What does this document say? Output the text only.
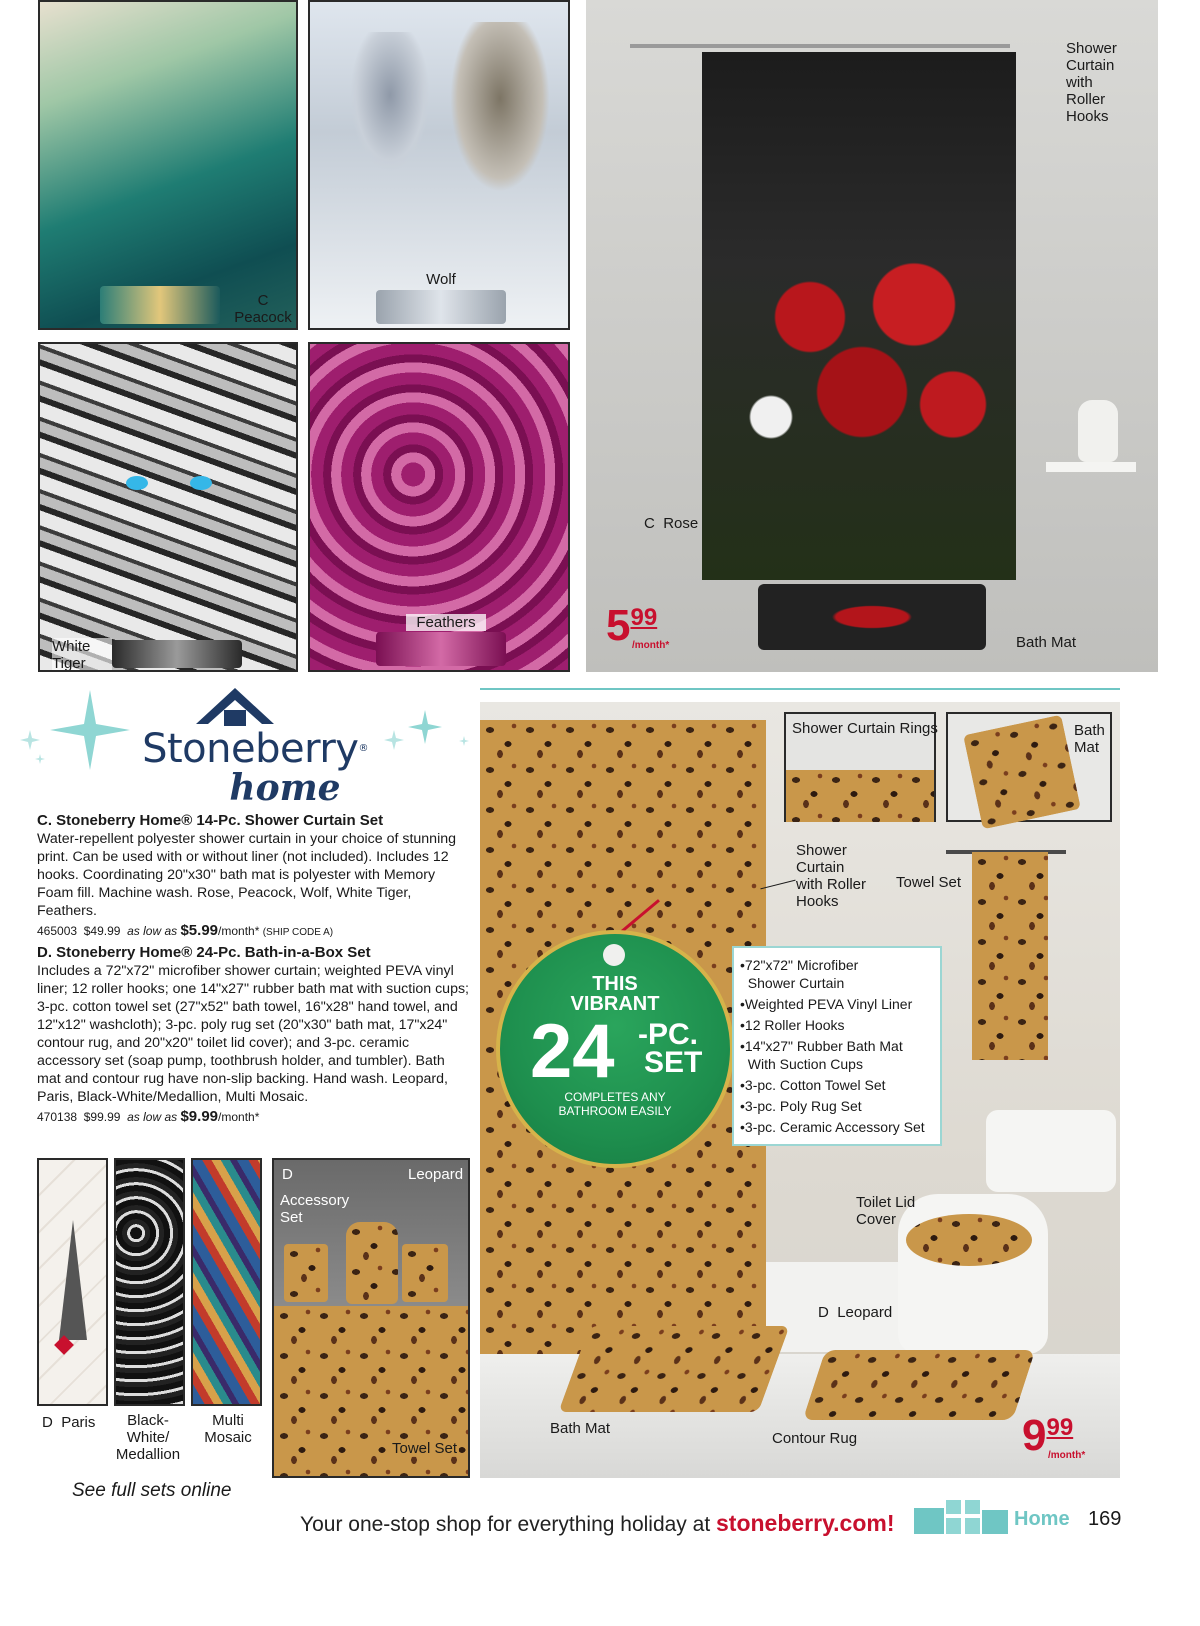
C
Peacock
Wolf
White
Tiger
Feathers
Shower
Curtain
with
Roller
Hooks
C Rose
Bath Mat
599
/month*
Stoneberry®
home
C. Stoneberry Home® 14-Pc. Shower Curtain Set
Water-repellent polyester shower curtain in your choice of stunning print. Can be used with or without liner (not included). Includes 12 hooks. Coordinating 20"x30" bath mat is polyester with Memory Foam fill. Machine wash. Rose, Peacock, Wolf, White Tiger, Feathers.
465003 $49.99 as low as $5.99/month* (SHIP CODE A)
D. Stoneberry Home® 24-Pc. Bath-in-a-Box Set
Includes a 72"x72" microfiber shower curtain; weighted PEVA vinyl liner; 12 roller hooks; one 14"x27" rubber bath mat with suction cups; 3-pc. cotton towel set (27"x52" bath towel, 16"x28" hand towel, and 12"x12" washcloth); 3-pc. poly rug set (20"x30" bath mat, 17"x24" contour rug, and 20"x20" toilet lid cover); and 3-pc. ceramic accessory set (soap pump, toothbrush holder, and tumbler). Bath mat and contour rug have non-slip backing. Hand wash. Leopard, Paris, Black-White/Medallion, Multi Mosaic.
470138 $99.99 as low as $9.99/month*
D Paris	Black-
White/
Medallion
Multi
Mosaic
D	Leopard
Accessory
Set
Towel Set
See full sets online
Shower Curtain Rings	Bath
Mat
Shower
Curtain
with Roller
Hooks
Towel Set
Toilet Lid
Cover
D Leopard
Bath Mat
Contour Rug	999
/month*
THIS
VIBRANT
24 -PC.
SET
COMPLETES ANY
BATHROOM EASILY
•72"x72" Microfiber
Shower Curtain
•Weighted PEVA Vinyl Liner
•12 Roller Hooks
•14"x27" Rubber Bath Mat
With Suction Cups
•3-pc. Cotton Towel Set
•3-pc. Poly Rug Set
•3-pc. Ceramic Accessory Set
Your one-stop shop for everything holiday at stoneberry.com!	Home 169
